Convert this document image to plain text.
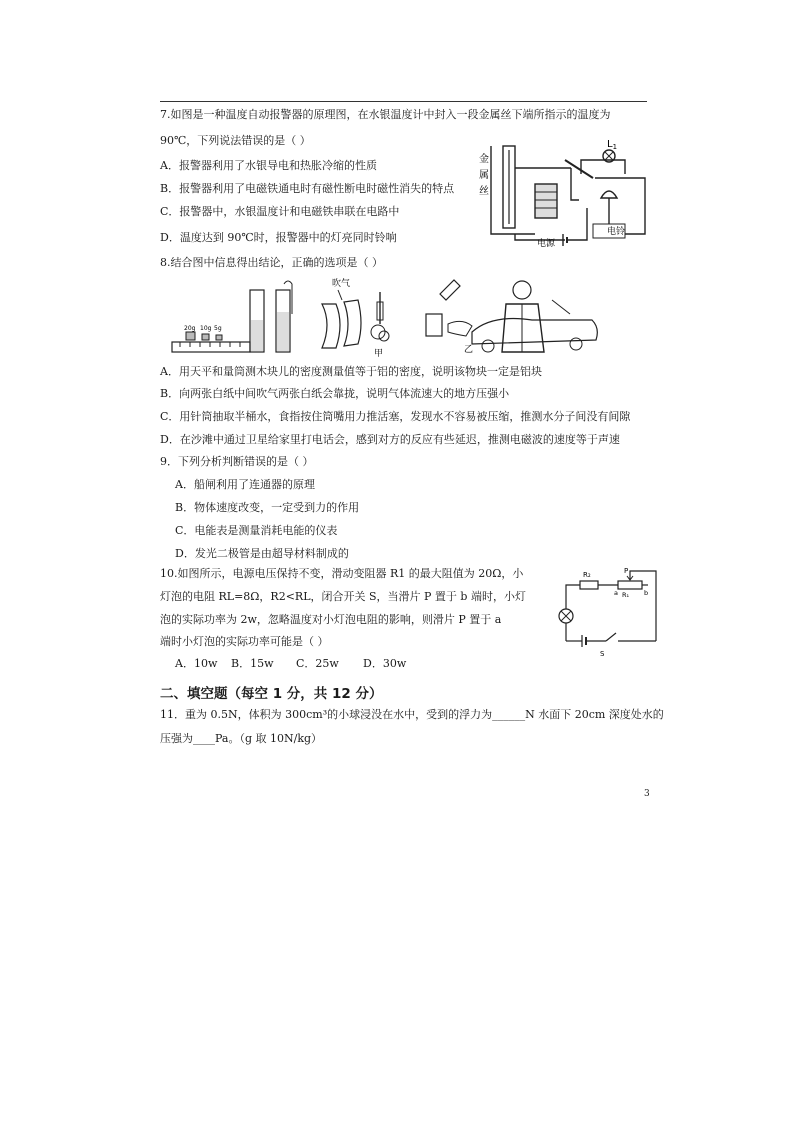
7.如图是一种温度自动报警器的原理图，在水银温度计中封入一段金属丝下端所指示的温度为
90℃，下列说法错误的是（ ）
A．报警器利用了水银导电和热胀冷缩的性质
B．报警器利用了电磁铁通电时有磁性断电时磁性消失的特点
C．报警器中，水银温度计和电磁铁串联在电路中
D．温度达到 90℃时，报警器中的灯亮同时铃响
金
属
丝
电源
$L_1$
电铃
8.结合图中信息得出结论，正确的选项是（ ）
20g 10g 5g
吹气
甲	乙
A．用天平和量筒测木块儿的密度测量值等于铝的密度，说明该物块一定是铝块
B．向两张白纸中间吹气两张白纸会靠拢，说明气体流速大的地方压强小
C．用针筒抽取半桶水，食指按住筒嘴用力推活塞，发现水不容易被压缩，推测水分子间没有间隙
D．在沙滩中通过卫星给家里打电话会，感到对方的反应有些延迟，推测电磁波的速度等于声速
9．下列分析判断错误的是（ ）
A．船闸利用了连通器的原理
B．物体速度改变，一定受到力的作用
C．电能表是测量消耗电能的仪表
D．发光二极管是由超导材料制成的
10.如图所示，电源电压保持不变，滑动变阻器 R1 的最大阻值为 20Ω，小
灯泡的电阻 RL=8Ω，R2<RL，闭合开关 S，当滑片 P 置于 b 端时，小灯
泡的实际功率为 2w，忽略温度对小灯泡电阻的影响，则滑片 P 置于 a
端时小灯泡的实际功率可能是（ ）
R₂
R₁
a	b
P
S
A．10w B．15w C．25w D．30w
二、填空题（每空 1 分，共 12 分）
11．重为 0.5N，体积为 300cm³的小球浸没在水中，受到的浮力为______N 水面下 20cm 深度处水的
压强为____Pa。（g 取 10N/kg）
3
